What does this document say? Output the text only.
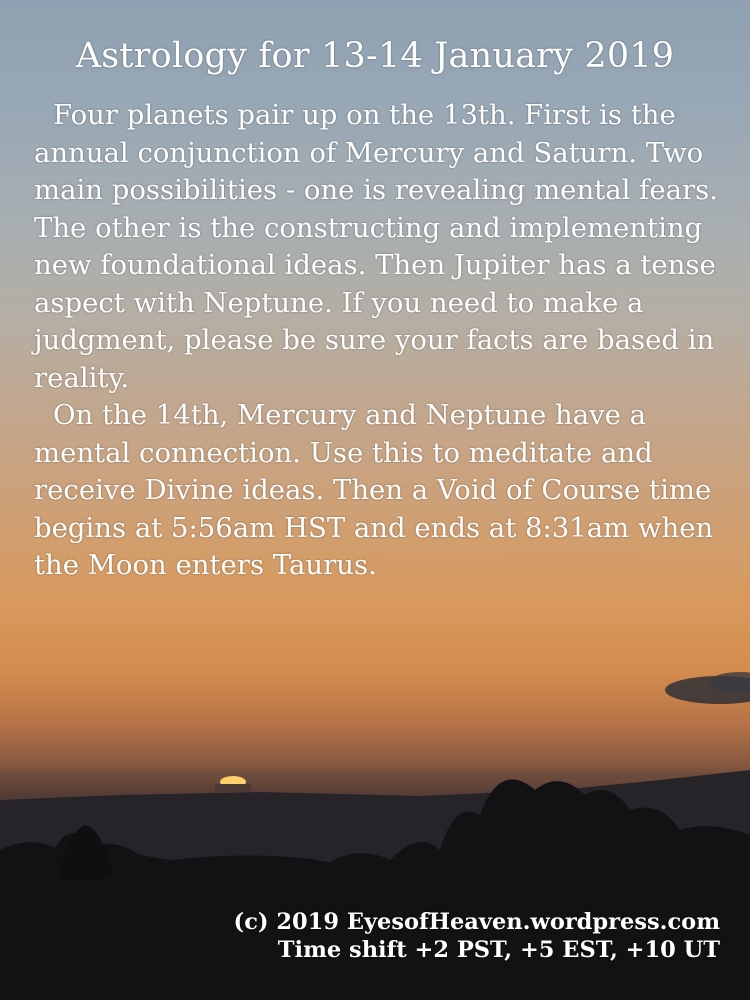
Astrology for 13-14 January 2019

Four planets pair up on the 13th. First is the annual conjunction of Mercury and Saturn. Two main possibilities - one is revealing mental fears. The other is the constructing and implementing new foundational ideas. Then Jupiter has a tense aspect with Neptune. If you need to make a judgment, please be sure your facts are based in reality.

On the 14th, Mercury and Neptune have a mental connection. Use this to meditate and receive Divine ideas. Then a Void of Course time begins at 5:56am HST and ends at 8:31am when the Moon enters Taurus.

(c) 2019 EyesofHeaven.wordpress.com
Time shift +2 PST, +5 EST, +10 UT
